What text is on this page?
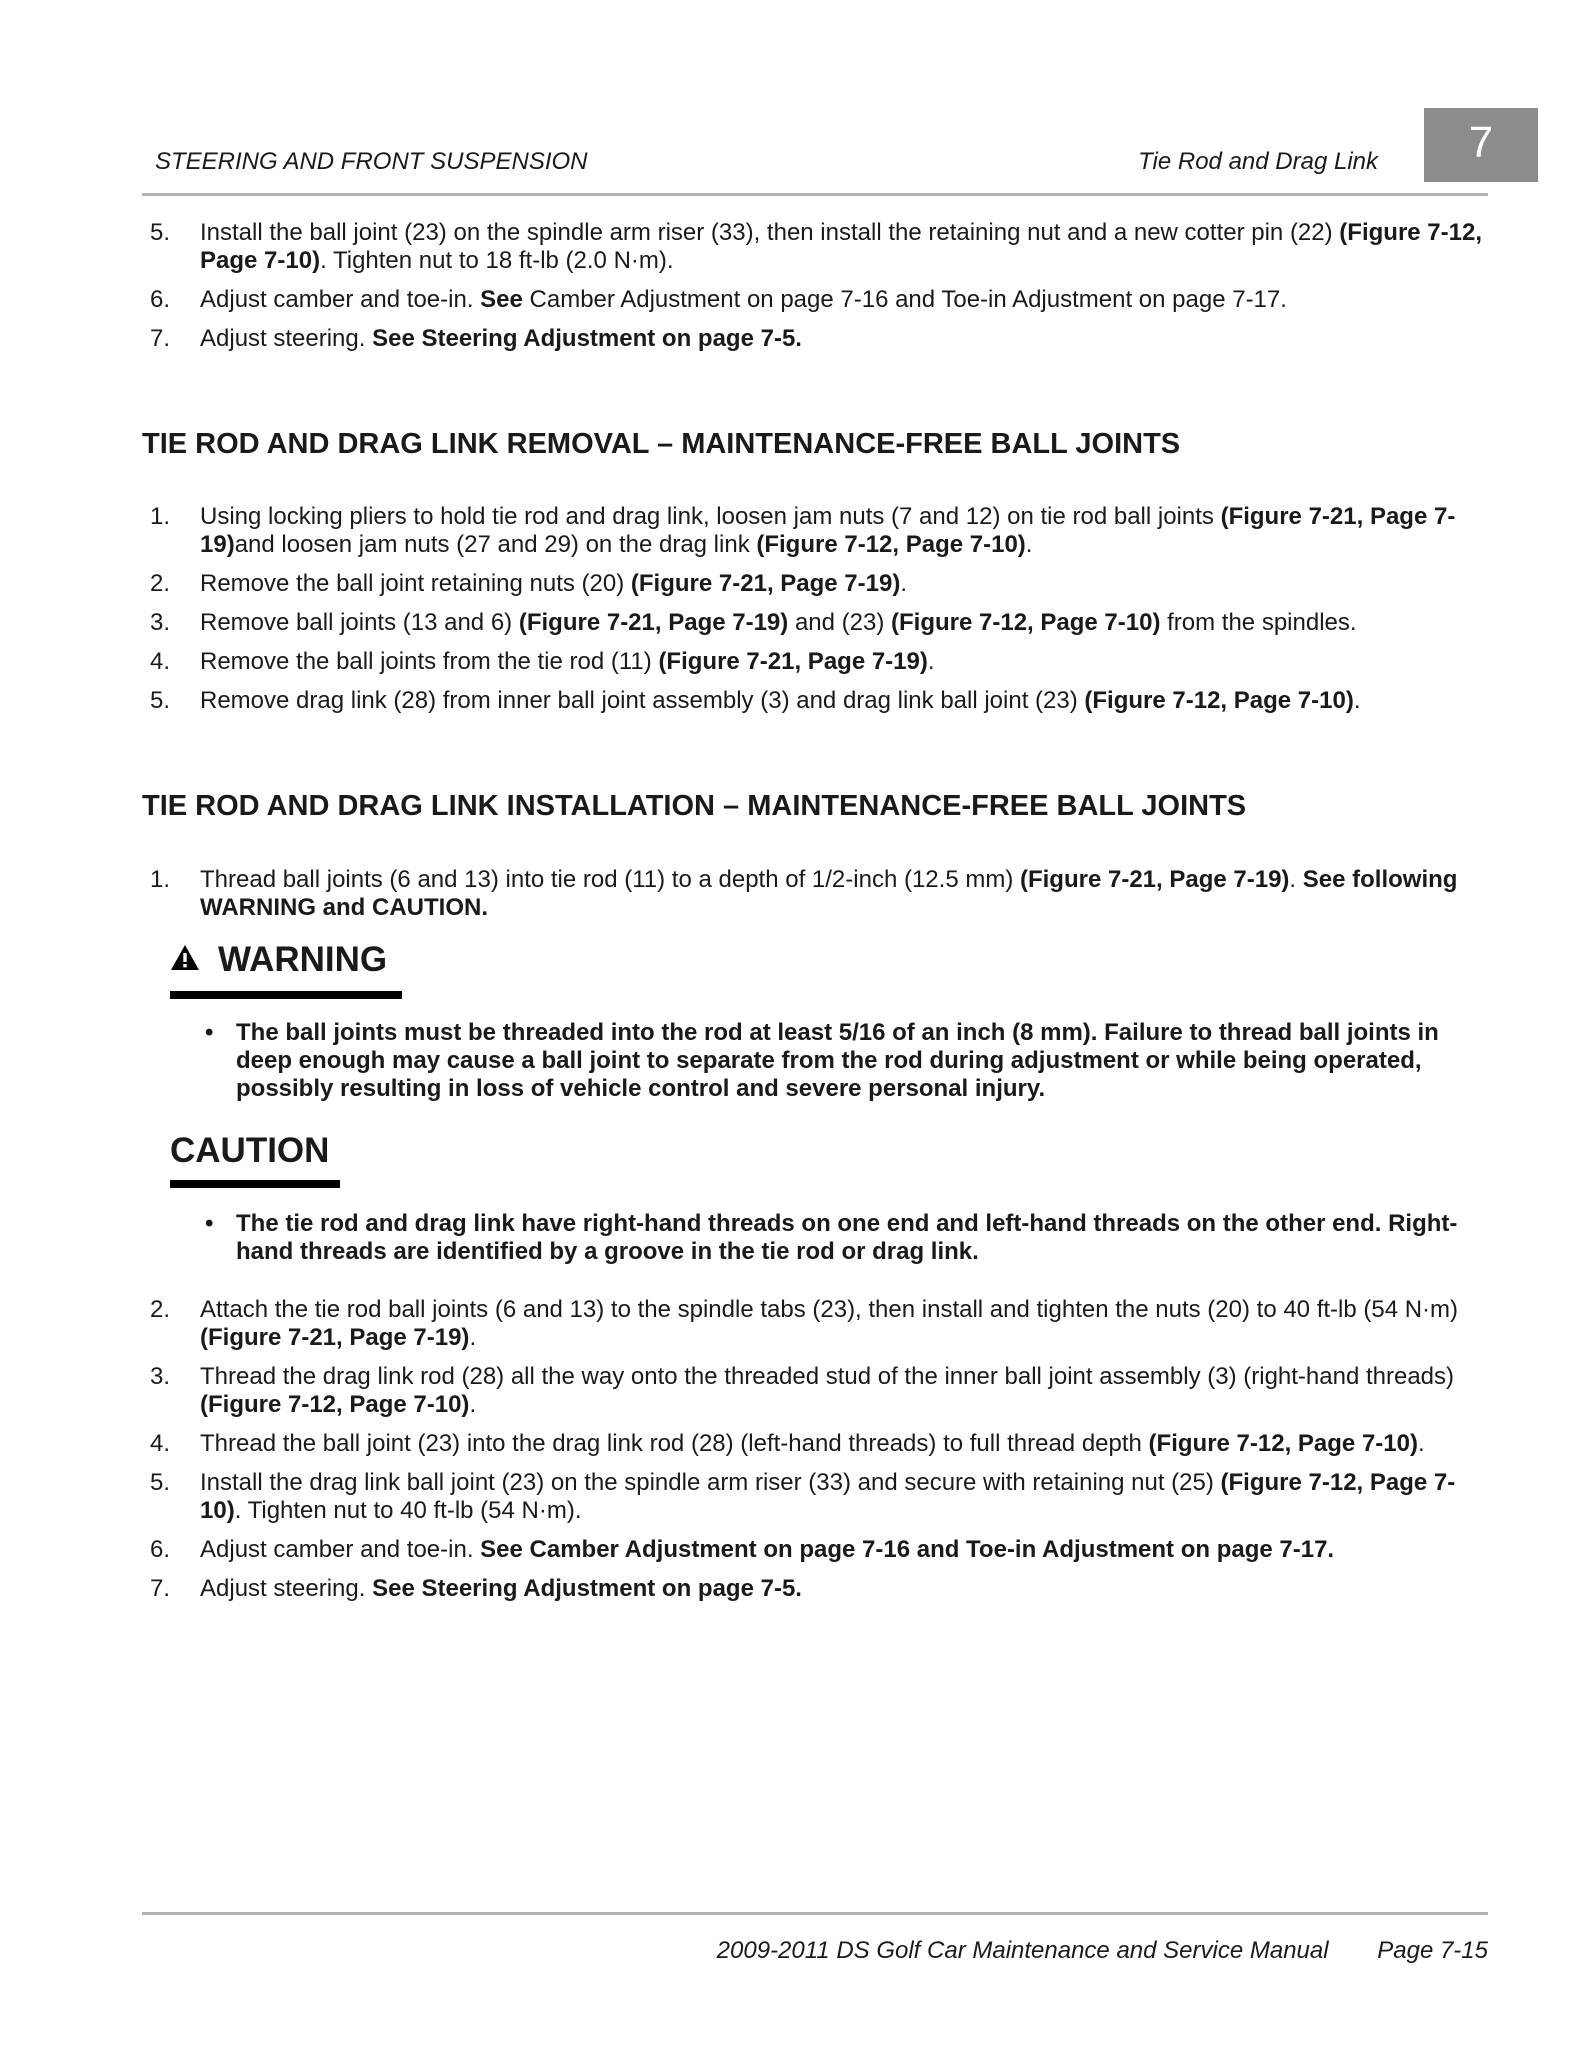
STEERING AND FRONT SUSPENSION	Tie Rod and Drag Link	7
5. Install the ball joint (23) on the spindle arm riser (33), then install the retaining nut and a new cotter pin (22) (Figure 7-12, Page 7-10). Tighten nut to 18 ft-lb (2.0 N·m).
6. Adjust camber and toe-in. See Camber Adjustment on page 7-16 and Toe-in Adjustment on page 7-17.
7. Adjust steering. See Steering Adjustment on page 7-5.
TIE ROD AND DRAG LINK REMOVAL – MAINTENANCE-FREE BALL JOINTS
1. Using locking pliers to hold tie rod and drag link, loosen jam nuts (7 and 12) on tie rod ball joints (Figure 7-21, Page 7-19)and loosen jam nuts (27 and 29) on the drag link (Figure 7-12, Page 7-10).
2. Remove the ball joint retaining nuts (20) (Figure 7-21, Page 7-19).
3. Remove ball joints (13 and 6) (Figure 7-21, Page 7-19) and (23) (Figure 7-12, Page 7-10) from the spindles.
4. Remove the ball joints from the tie rod (11) (Figure 7-21, Page 7-19).
5. Remove drag link (28) from inner ball joint assembly (3) and drag link ball joint (23) (Figure 7-12, Page 7-10).
TIE ROD AND DRAG LINK INSTALLATION – MAINTENANCE-FREE BALL JOINTS
1. Thread ball joints (6 and 13) into tie rod (11) to a depth of 1/2-inch (12.5 mm) (Figure 7-21, Page 7-19). See following WARNING and CAUTION.
WARNING
• The ball joints must be threaded into the rod at least 5/16 of an inch (8 mm). Failure to thread ball joints in deep enough may cause a ball joint to separate from the rod during adjustment or while being operated, possibly resulting in loss of vehicle control and severe personal injury.
CAUTION
• The tie rod and drag link have right-hand threads on one end and left-hand threads on the other end. Right-hand threads are identified by a groove in the tie rod or drag link.
2. Attach the tie rod ball joints (6 and 13) to the spindle tabs (23), then install and tighten the nuts (20) to 40 ft-lb (54 N·m) (Figure 7-21, Page 7-19).
3. Thread the drag link rod (28) all the way onto the threaded stud of the inner ball joint assembly (3) (right-hand threads) (Figure 7-12, Page 7-10).
4. Thread the ball joint (23) into the drag link rod (28) (left-hand threads) to full thread depth (Figure 7-12, Page 7-10).
5. Install the drag link ball joint (23) on the spindle arm riser (33) and secure with retaining nut (25) (Figure 7-12, Page 7-10). Tighten nut to 40 ft-lb (54 N·m).
6. Adjust camber and toe-in. See Camber Adjustment on page 7-16 and Toe-in Adjustment on page 7-17.
7. Adjust steering. See Steering Adjustment on page 7-5.
2009-2011 DS Golf Car Maintenance and Service Manual Page 7-15
